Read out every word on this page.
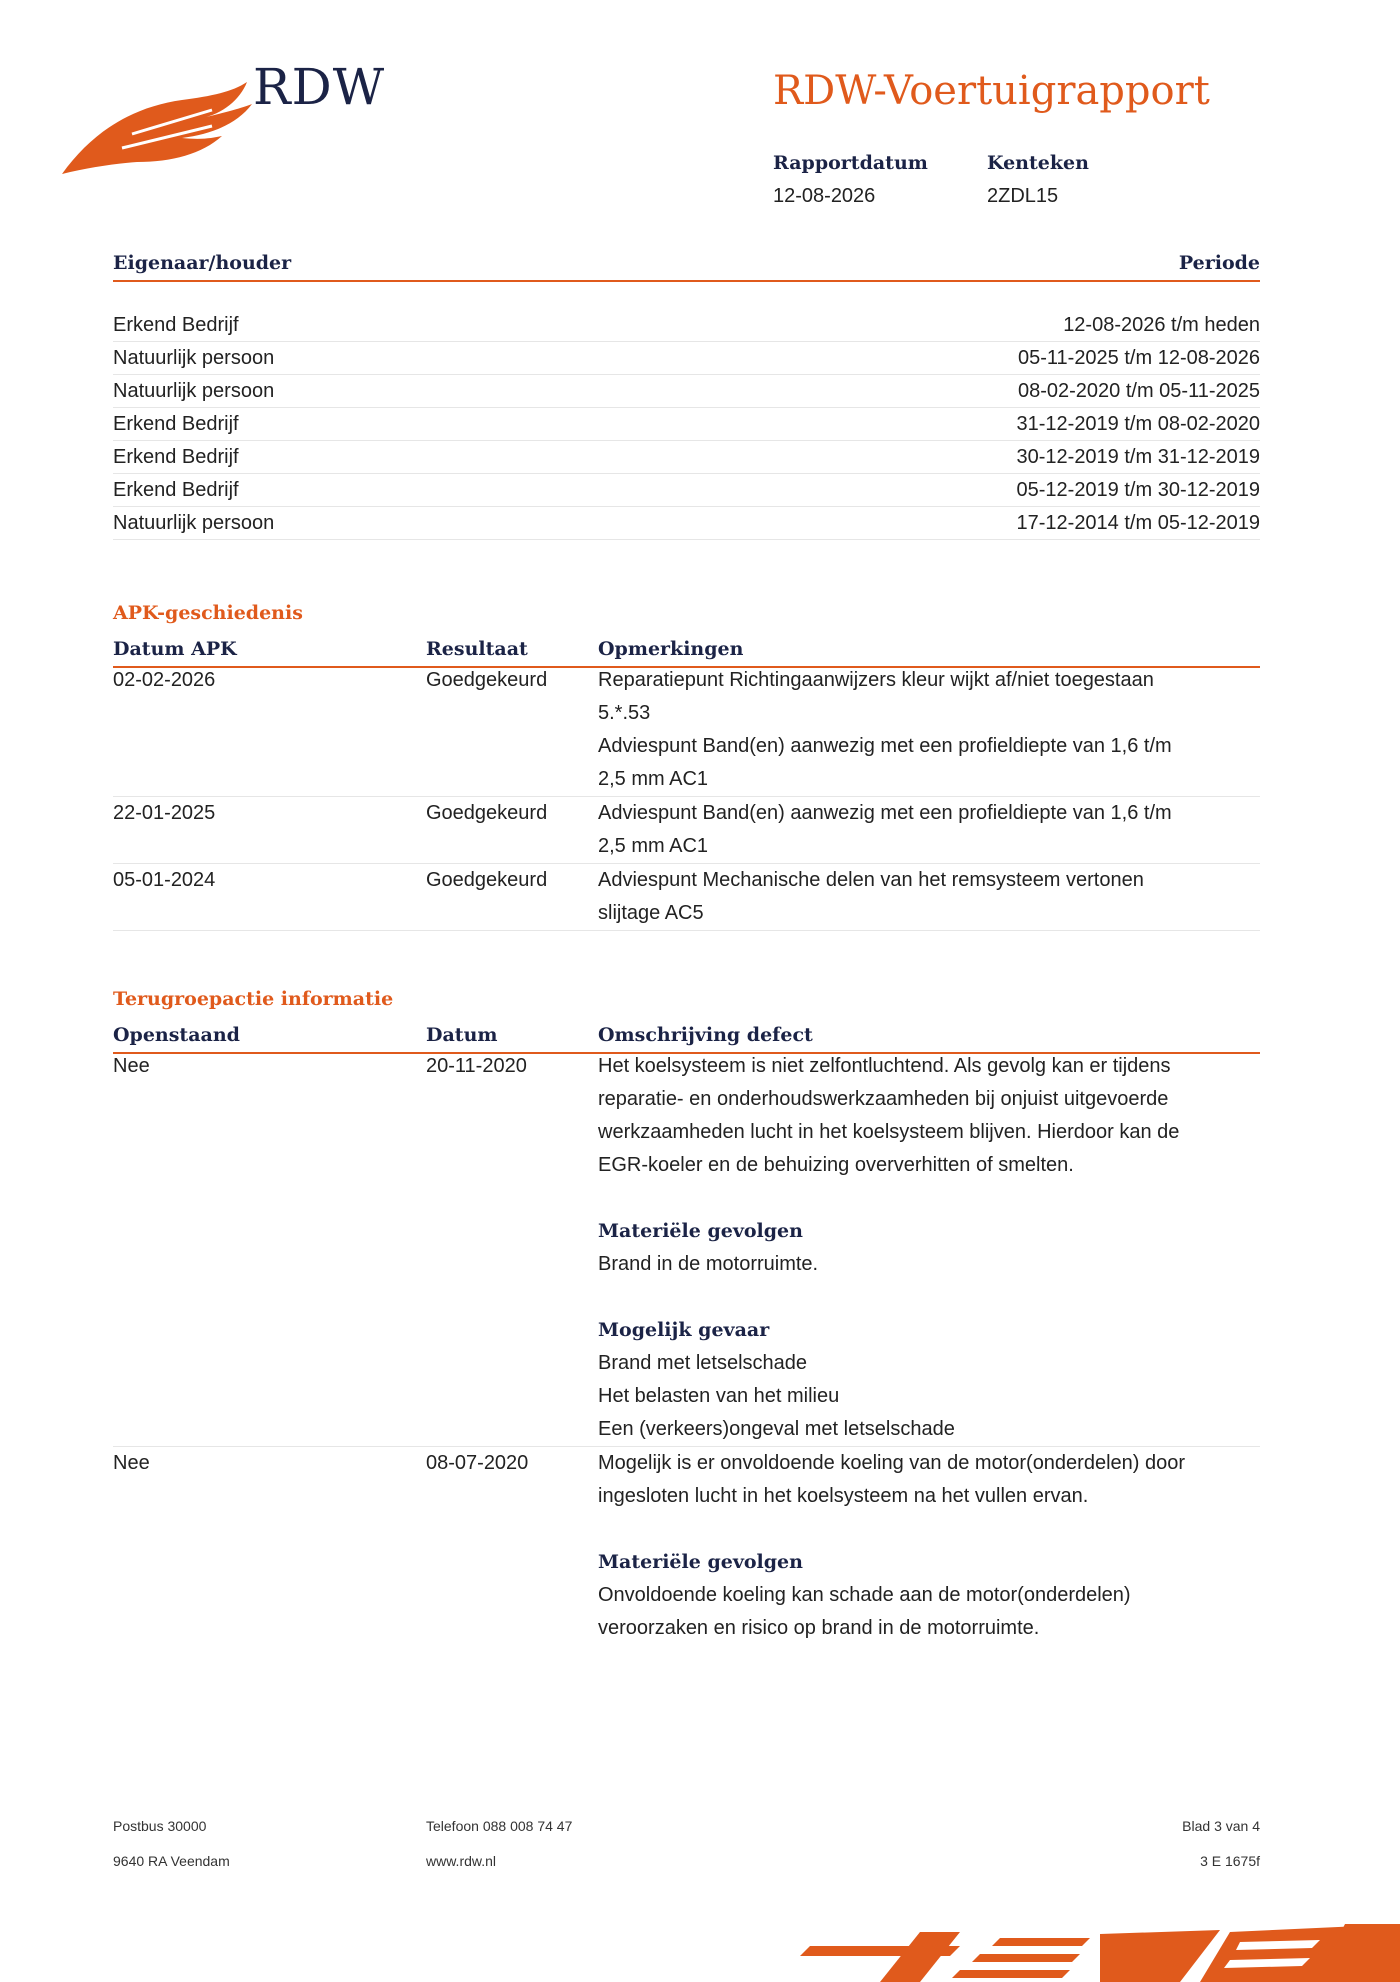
RDW	RDW-Voertuigrapport
Rapportdatum
12-08-2026
Kenteken
2ZDL15
Eigenaar/houder	Periode
Erkend Bedrijf	12-08-2026 t/m heden
Natuurlijk persoon	05-11-2025 t/m 12-08-2026
Natuurlijk persoon	08-02-2020 t/m 05-11-2025
Erkend Bedrijf	31-12-2019 t/m 08-02-2020
Erkend Bedrijf	30-12-2019 t/m 31-12-2019
Erkend Bedrijf	05-12-2019 t/m 30-12-2019
Natuurlijk persoon	17-12-2014 t/m 05-12-2019
APK-geschiedenis
Datum APK	Resultaat	Opmerkingen
02-02-2026	Goedgekeurd	Reparatiepunt Richtingaanwijzers kleur wijkt af/niet toegestaan
5.*.53
Adviespunt Band(en) aanwezig met een profieldiepte van 1,6 t/m
2,5 mm AC1
22-01-2025	Goedgekeurd	Adviespunt Band(en) aanwezig met een profieldiepte van 1,6 t/m
2,5 mm AC1
05-01-2024	Goedgekeurd	Adviespunt Mechanische delen van het remsysteem vertonen
slijtage AC5
Terugroepactie informatie
Openstaand	Datum	Omschrijving defect
Nee	20-11-2020	Het koelsysteem is niet zelfontluchtend. Als gevolg kan er tijdens
reparatie- en onderhoudswerkzaamheden bij onjuist uitgevoerde
werkzaamheden lucht in het koelsysteem blijven. Hierdoor kan de
EGR-koeler en de behuizing oververhitten of smelten.
Materiële gevolgen
Brand in de motorruimte.
Mogelijk gevaar
Brand met letselschade
Het belasten van het milieu
Een (verkeers)ongeval met letselschade
Nee	08-07-2020	Mogelijk is er onvoldoende koeling van de motor(onderdelen) door
ingesloten lucht in het koelsysteem na het vullen ervan.
Materiële gevolgen
Onvoldoende koeling kan schade aan de motor(onderdelen)
veroorzaken en risico op brand in de motorruimte.
Postbus 30000
9640 RA Veendam
Telefoon 088 008 74 47
www.rdw.nl
Blad 3 van 4
3 E 1675f
